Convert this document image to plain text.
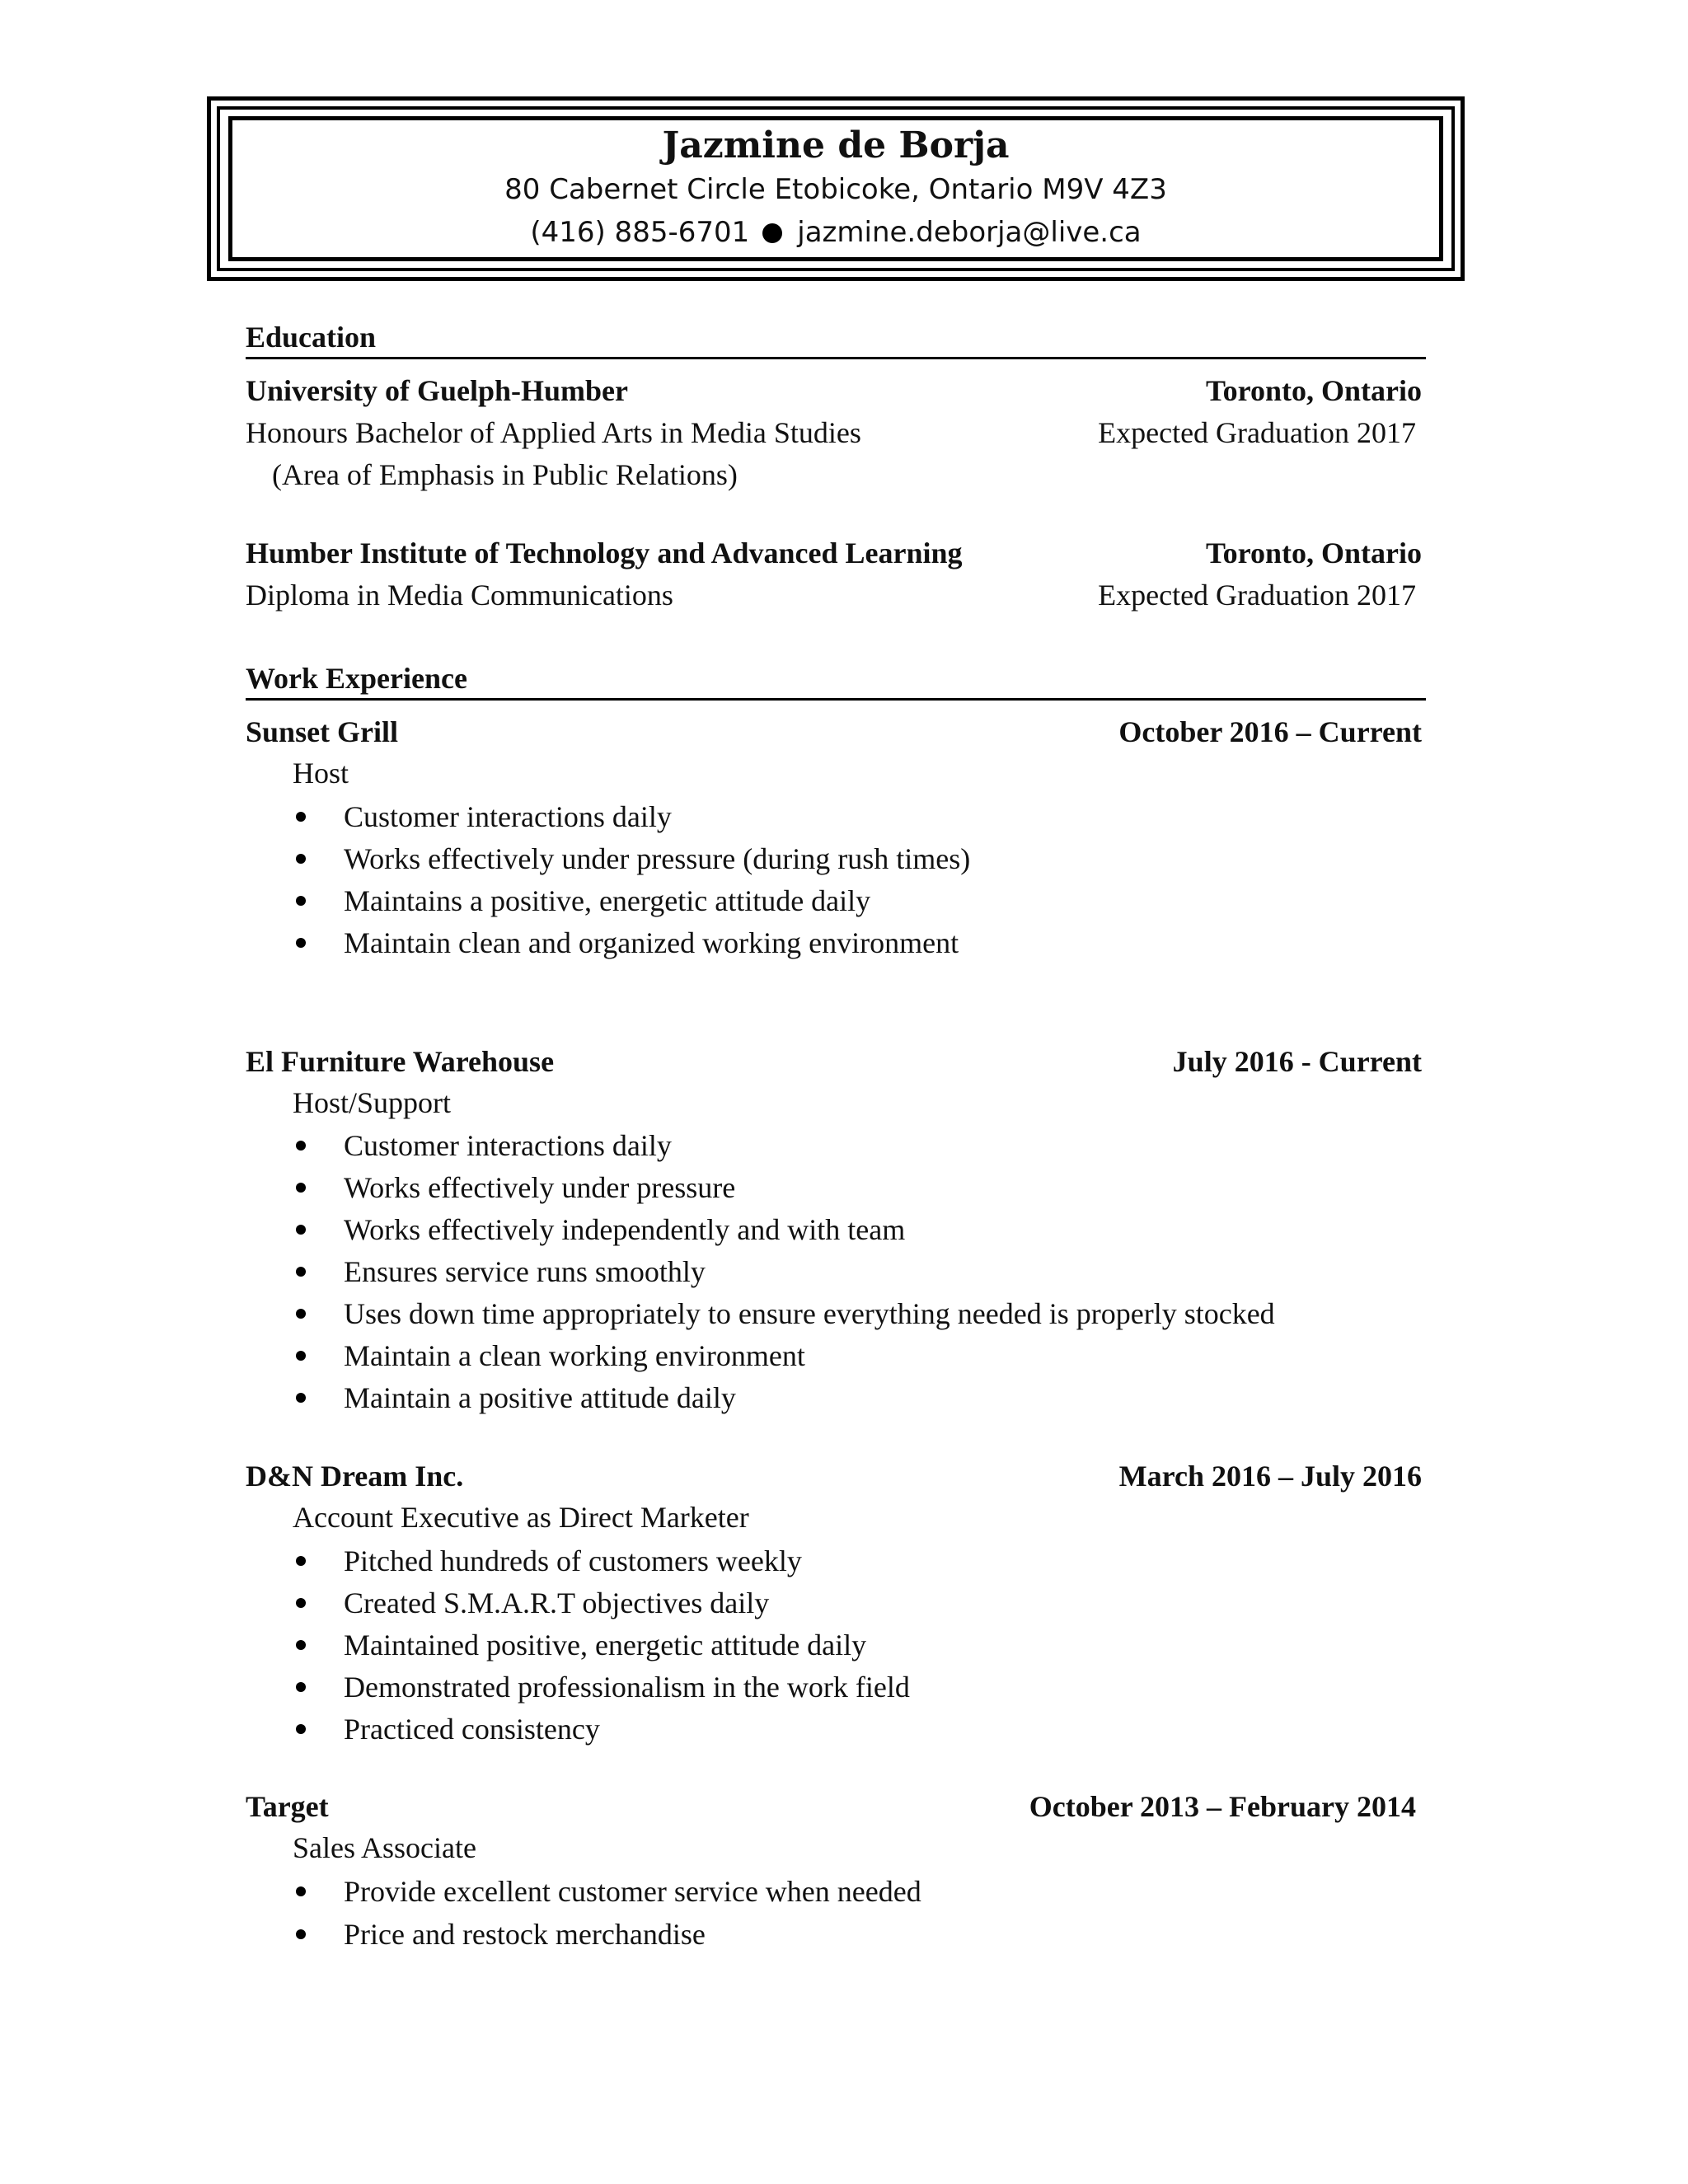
Jazmine de Borja
80 Cabernet Circle Etobicoke, Ontario M9V 4Z3
(416) 885-6701 jazmine.deborja@live.ca
Education
University of Guelph-Humber	Toronto, Ontario
Honours Bachelor of Applied Arts in Media Studies	Expected Graduation 2017
(Area of Emphasis in Public Relations)
Humber Institute of Technology and Advanced Learning	Toronto, Ontario
Diploma in Media Communications	Expected Graduation 2017
Work Experience
Sunset Grill	October 2016 – Current
Host
Customer interactions daily
Works effectively under pressure (during rush times)
Maintains a positive, energetic attitude daily
Maintain clean and organized working environment
El Furniture Warehouse	July 2016 - Current
Host/Support
Customer interactions daily
Works effectively under pressure
Works effectively independently and with team
Ensures service runs smoothly
Uses down time appropriately to ensure everything needed is properly stocked
Maintain a clean working environment
Maintain a positive attitude daily
D&N Dream Inc.	March 2016 – July 2016
Account Executive as Direct Marketer
Pitched hundreds of customers weekly
Created S.M.A.R.T objectives daily
Maintained positive, energetic attitude daily
Demonstrated professionalism in the work field
Practiced consistency
Target	October 2013 – February 2014
Sales Associate
Provide excellent customer service when needed
Price and restock merchandise
